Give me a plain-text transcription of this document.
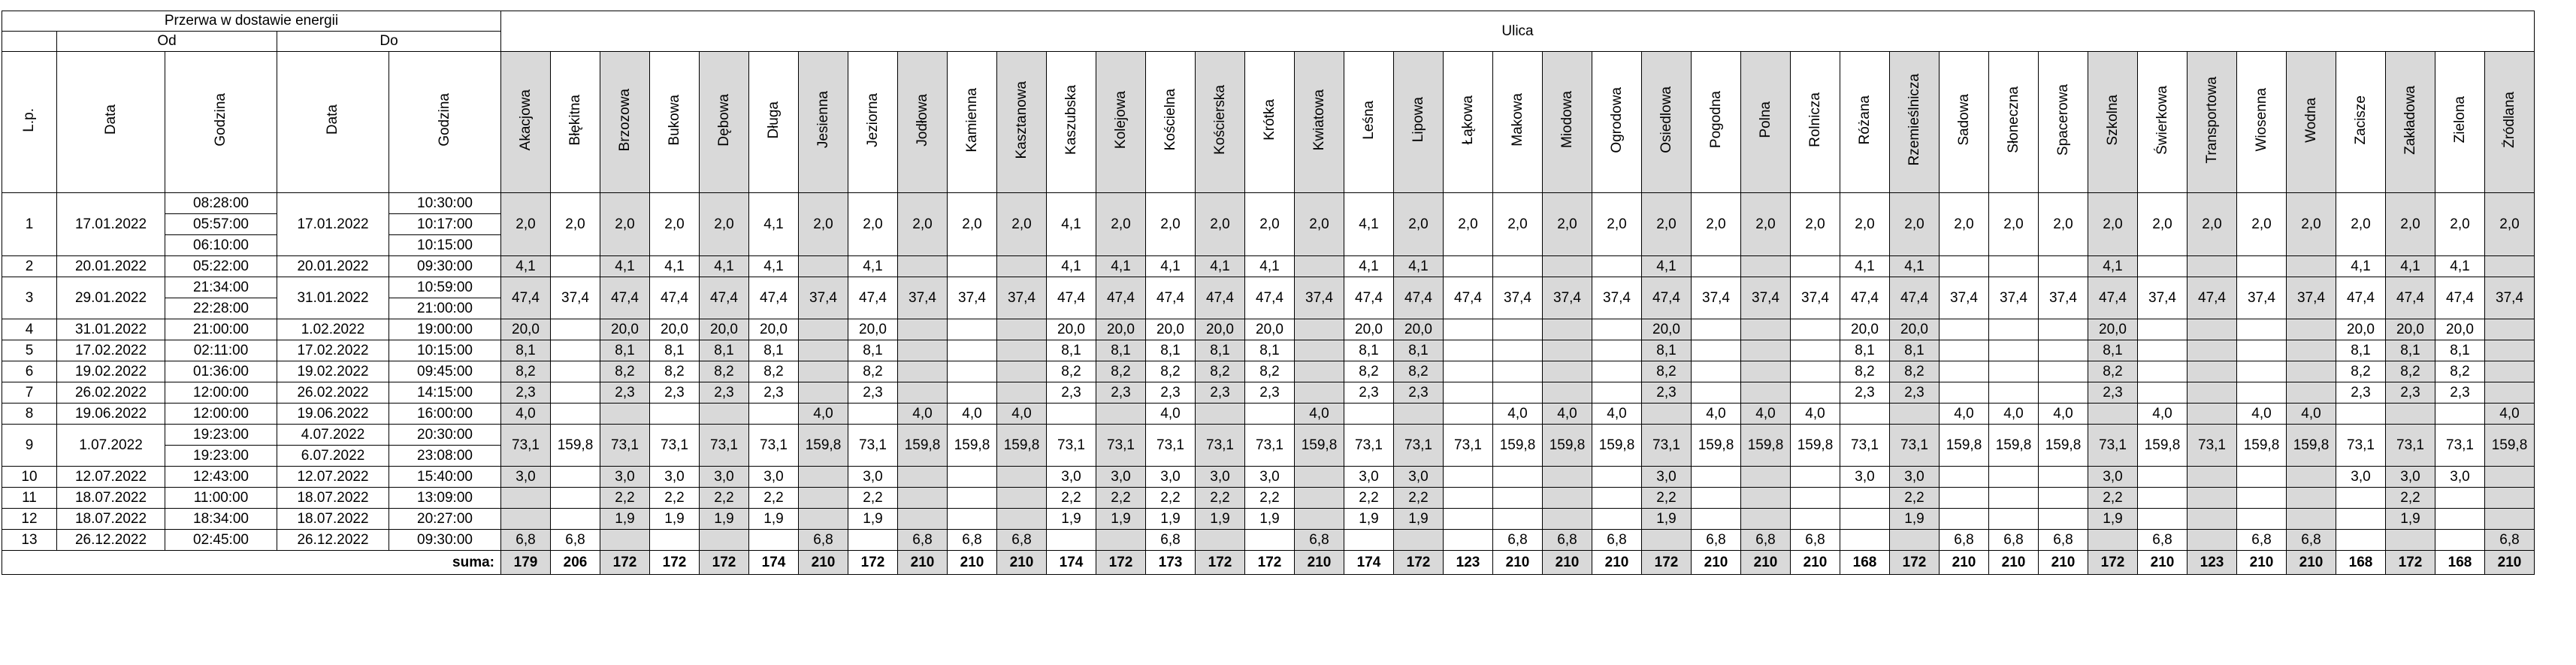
Przerwa w dostawie energii					Ulica																																								
	Od		Do																																										
L.p.	Data	Godzina	Data	Godzina	Akacjowa	Błękitna	Brzozowa	Bukowa	Dębowa	Długa	Jesienna	Jeziorna	Jodłowa	Kamienna	Kasztanowa	Kaszubska	Kolejowa	Kościelna	Kościerska	Krótka	Kwiatowa	Leśna	Lipowa	Łąkowa	Makowa	Miodowa	Ogrodowa	Osiedlowa	Pogodna	Polna	Rolnicza	Różana	Rzemieślnicza	Sadowa	Słoneczna	Spacerowa	Szkolna	Świerkowa	Transportowa	Wiosenna	Wodna	Zacisze	Zakładowa	Zielona	Źródlana
1	17.01.2022	08:28:00	17.01.2022	10:30:00	2,0	2,0	2,0	2,0	2,0	4,1	2,0	2,0	2,0	2,0	2,0	4,1	2,0	2,0	2,0	2,0	2,0	4,1	2,0	2,0	2,0	2,0	2,0	2,0	2,0	2,0	2,0	2,0	2,0	2,0	2,0	2,0	2,0	2,0	2,0	2,0	2,0	2,0	2,0	2,0	2,0
		05:57:00		10:17:00																																									
		06:10:00		10:15:00																																									
2	20.01.2022	05:22:00	20.01.2022	09:30:00	4,1		4,1	4,1	4,1	4,1		4,1				4,1	4,1	4,1	4,1	4,1		4,1	4,1					4,1				4,1	4,1				4,1					4,1	4,1	4,1	
3	29.01.2022	21:34:00	31.01.2022	10:59:00	47,4	37,4	47,4	47,4	47,4	47,4	37,4	47,4	37,4	37,4	37,4	47,4	47,4	47,4	47,4	47,4	37,4	47,4	47,4	47,4	37,4	37,4	37,4	47,4	37,4	37,4	37,4	47,4	47,4	37,4	37,4	37,4	47,4	37,4	47,4	37,4	37,4	47,4	47,4	47,4	37,4
		22:28:00		21:00:00																																									
4	31.01.2022	21:00:00	1.02.2022	19:00:00	20,0		20,0	20,0	20,0	20,0		20,0				20,0	20,0	20,0	20,0	20,0		20,0	20,0					20,0				20,0	20,0				20,0					20,0	20,0	20,0	
5	17.02.2022	02:11:00	17.02.2022	10:15:00	8,1		8,1	8,1	8,1	8,1		8,1				8,1	8,1	8,1	8,1	8,1		8,1	8,1					8,1				8,1	8,1				8,1					8,1	8,1	8,1	
6	19.02.2022	01:36:00	19.02.2022	09:45:00	8,2		8,2	8,2	8,2	8,2		8,2				8,2	8,2	8,2	8,2	8,2		8,2	8,2					8,2				8,2	8,2				8,2					8,2	8,2	8,2	
7	26.02.2022	12:00:00	26.02.2022	14:15:00	2,3		2,3	2,3	2,3	2,3		2,3				2,3	2,3	2,3	2,3	2,3		2,3	2,3					2,3				2,3	2,3				2,3					2,3	2,3	2,3	
8	19.06.2022	12:00:00	19.06.2022	16:00:00	4,0						4,0		4,0	4,0	4,0			4,0			4,0				4,0	4,0	4,0		4,0	4,0	4,0			4,0	4,0	4,0		4,0		4,0	4,0				4,0
9	1.07.2022	19:23:00	4.07.2022	20:30:00	73,1	159,8	73,1	73,1	73,1	73,1	159,8	73,1	159,8	159,8	159,8	73,1	73,1	73,1	73,1	73,1	159,8	73,1	73,1	73,1	159,8	159,8	159,8	73,1	159,8	159,8	159,8	73,1	73,1	159,8	159,8	159,8	73,1	159,8	73,1	159,8	159,8	73,1	73,1	73,1	159,8
		19:23:00	6.07.2022	23:08:00																																									
10	12.07.2022	12:43:00	12.07.2022	15:40:00	3,0		3,0	3,0	3,0	3,0		3,0				3,0	3,0	3,0	3,0	3,0		3,0	3,0					3,0				3,0	3,0				3,0					3,0	3,0	3,0	
11	18.07.2022	11:00:00	18.07.2022	13:09:00			2,2	2,2	2,2	2,2		2,2				2,2	2,2	2,2	2,2	2,2		2,2	2,2					2,2					2,2				2,2						2,2		
12	18.07.2022	18:34:00	18.07.2022	20:27:00			1,9	1,9	1,9	1,9		1,9				1,9	1,9	1,9	1,9	1,9		1,9	1,9					1,9					1,9				1,9						1,9		
13	26.12.2022	02:45:00	26.12.2022	09:30:00	6,8	6,8					6,8		6,8	6,8	6,8			6,8			6,8				6,8	6,8	6,8		6,8	6,8	6,8			6,8	6,8	6,8		6,8		6,8	6,8				6,8
suma:					179	206	172	172	172	174	210	172	210	210	210	174	172	173	172	172	210	174	172	123	210	210	210	172	210	210	210	168	172	210	210	210	172	210	123	210	210	168	172	168	210
